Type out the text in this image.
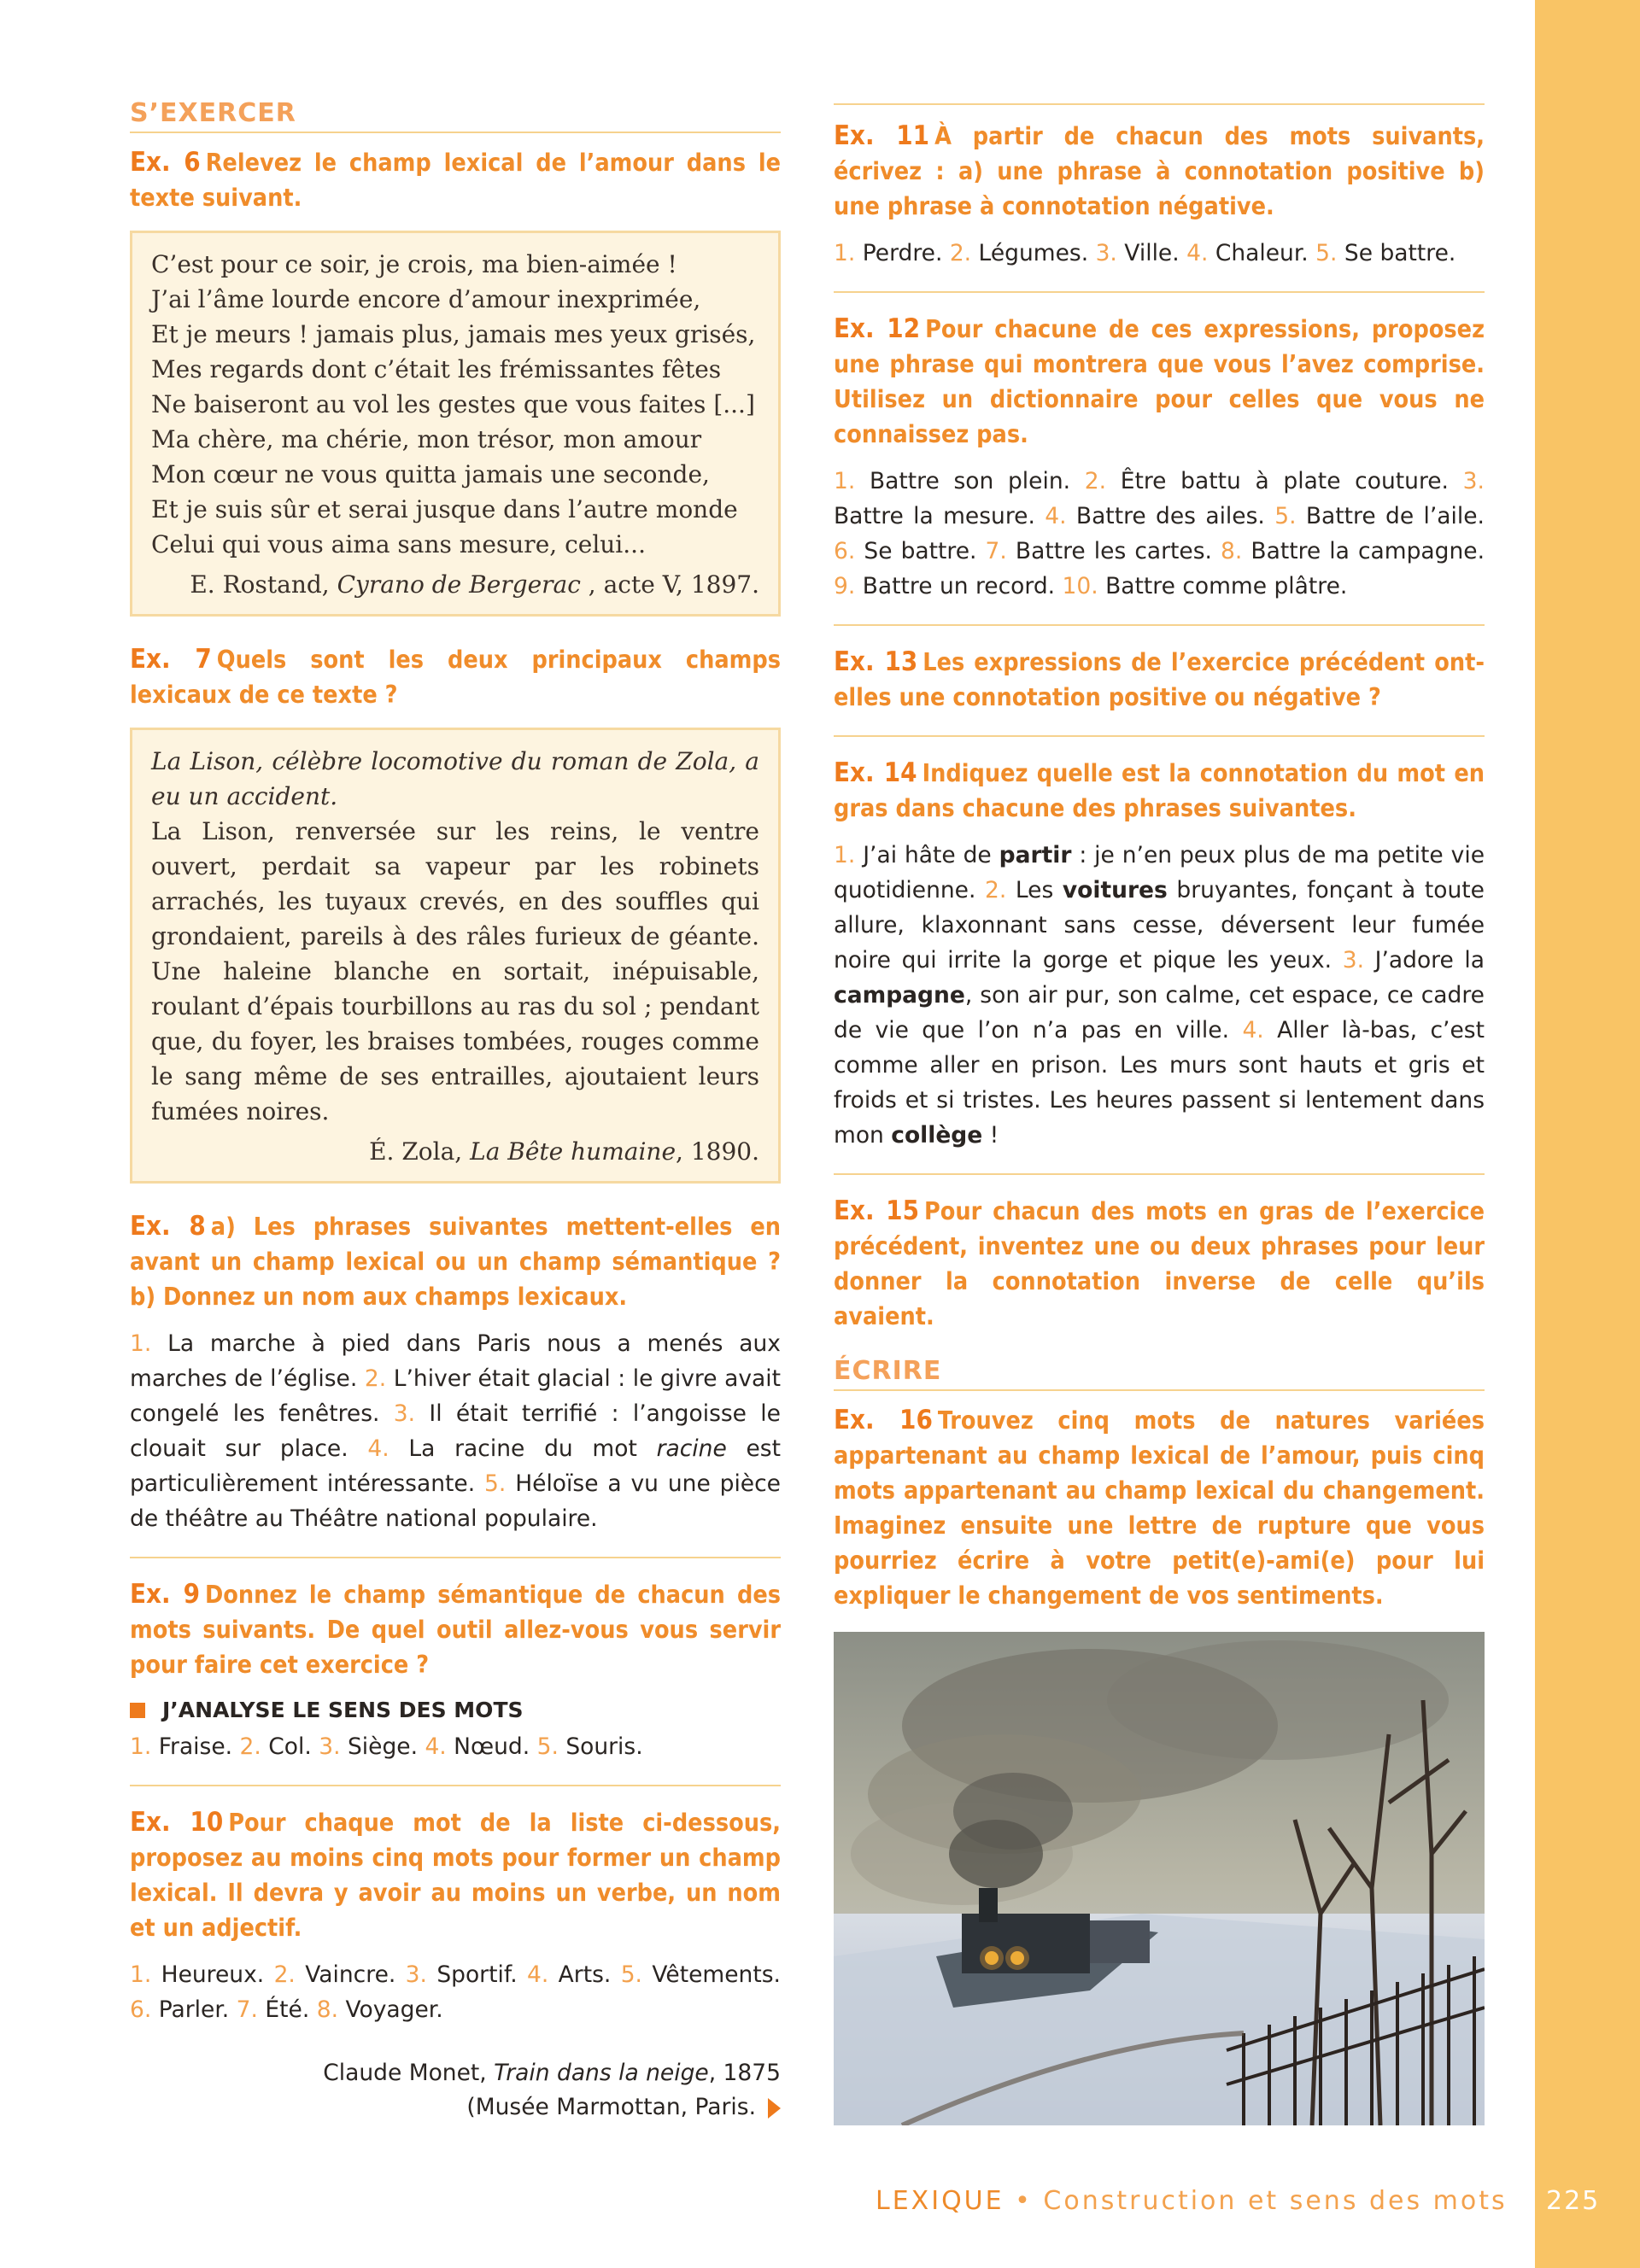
S’EXERCER
Ex. 6 Relevez le champ lexical de l’amour dans le texte suivant.

C’est pour ce soir, je crois, ma bien-aimée !

J’ai l’âme lourde encore d’amour inexprimée,

Et je meurs ! jamais plus, jamais mes yeux grisés,

Mes regards dont c’était les frémissantes fêtes

Ne baiseront au vol les gestes que vous faites [...]

Ma chère, ma chérie, mon trésor, mon amour

Mon cœur ne vous quitta jamais une seconde,

Et je suis sûr et serai jusque dans l’autre monde

Celui qui vous aima sans mesure, celui...

E. Rostand, Cyrano de Bergerac , acte V, 1897.

Ex. 7 Quels sont les deux principaux champs lexicaux de ce texte ?

La Lison, célèbre locomotive du roman de Zola, a eu un accident.

La Lison, renversée sur les reins, le ventre ouvert, perdait sa vapeur par les robinets arrachés, les tuyaux crevés, en des souffles qui grondaient, pareils à des râles furieux de géante. Une haleine blanche en sortait, inépuisable, roulant d’épais tourbillons au ras du sol ; pendant que, du foyer, les braises tombées, rouges comme le sang même de ses entrailles, ajoutaient leurs fumées noires.

É. Zola, La Bête humaine, 1890.

Ex. 8 a) Les phrases suivantes mettent-elles en avant un champ lexical ou un champ sémantique ? b) Donnez un nom aux champs lexicaux.
1. La marche à pied dans Paris nous a menés aux marches de l’église. 2. L’hiver était glacial : le givre avait congelé les fenêtres. 3. Il était terrifié : l’angoisse le clouait sur place. 4. La racine du mot racine est particulièrement intéressante. 5. Héloïse a vu une pièce de théâtre au Théâtre national populaire.
Ex. 9 Donnez le champ sémantique de chacun des mots suivants. De quel outil allez-vous vous servir pour faire cet exercice ?
J’ANALYSE LE SENS DES MOTS
1. Fraise. 2. Col. 3. Siège. 4. Nœud. 5. Souris.
Ex. 10 Pour chaque mot de la liste ci-dessous, proposez au moins cinq mots pour former un champ lexical. Il devra y avoir au moins un verbe, un nom et un adjectif.
1. Heureux. 2. Vaincre. 3. Sportif. 4. Arts. 5. Vêtements. 6. Parler. 7. Été. 8. Voyager.
Claude Monet, Train dans la neige, 1875
(Musée Marmottan, Paris.
Ex. 11 À partir de chacun des mots suivants, écrivez : a) une phrase à connotation positive b) une phrase à connotation négative.
1. Perdre. 2. Légumes. 3. Ville. 4. Chaleur. 5. Se battre.
Ex. 12 Pour chacune de ces expressions, proposez une phrase qui montrera que vous l’avez comprise. Utilisez un dictionnaire pour celles que vous ne connaissez pas.
1. Battre son plein. 2. Être battu à plate couture. 3. Battre la mesure. 4. Battre des ailes. 5. Battre de l’aile. 6. Se battre. 7. Battre les cartes. 8. Battre la campagne. 9. Battre un record. 10. Battre comme plâtre.
Ex. 13 Les expressions de l’exercice précédent ont-elles une connotation positive ou négative ?
Ex. 14 Indiquez quelle est la connotation du mot en gras dans chacune des phrases suivantes.
1. J’ai hâte de partir : je n’en peux plus de ma petite vie quotidienne. 2. Les voitures bruyantes, fonçant à toute allure, klaxonnant sans cesse, déversent leur fumée noire qui irrite la gorge et pique les yeux. 3. J’adore la campagne, son air pur, son calme, cet espace, ce cadre de vie que l’on n’a pas en ville. 4. Aller là-bas, c’est comme aller en prison. Les murs sont hauts et gris et froids et si tristes. Les heures passent si lentement dans mon collège !
Ex. 15 Pour chacun des mots en gras de l’exercice précédent, inventez une ou deux phrases pour leur donner la connotation inverse de celle qu’ils avaient.
ÉCRIRE
Ex. 16 Trouvez cinq mots de natures variées appartenant au champ lexical de l’amour, puis cinq mots appartenant au champ lexical du changement. Imaginez ensuite une lettre de rupture que vous pourriez écrire à votre petit(e)-ami(e) pour lui expliquer le changement de vos sentiments.
LEXIQUE • Construction et sens des mots 225
